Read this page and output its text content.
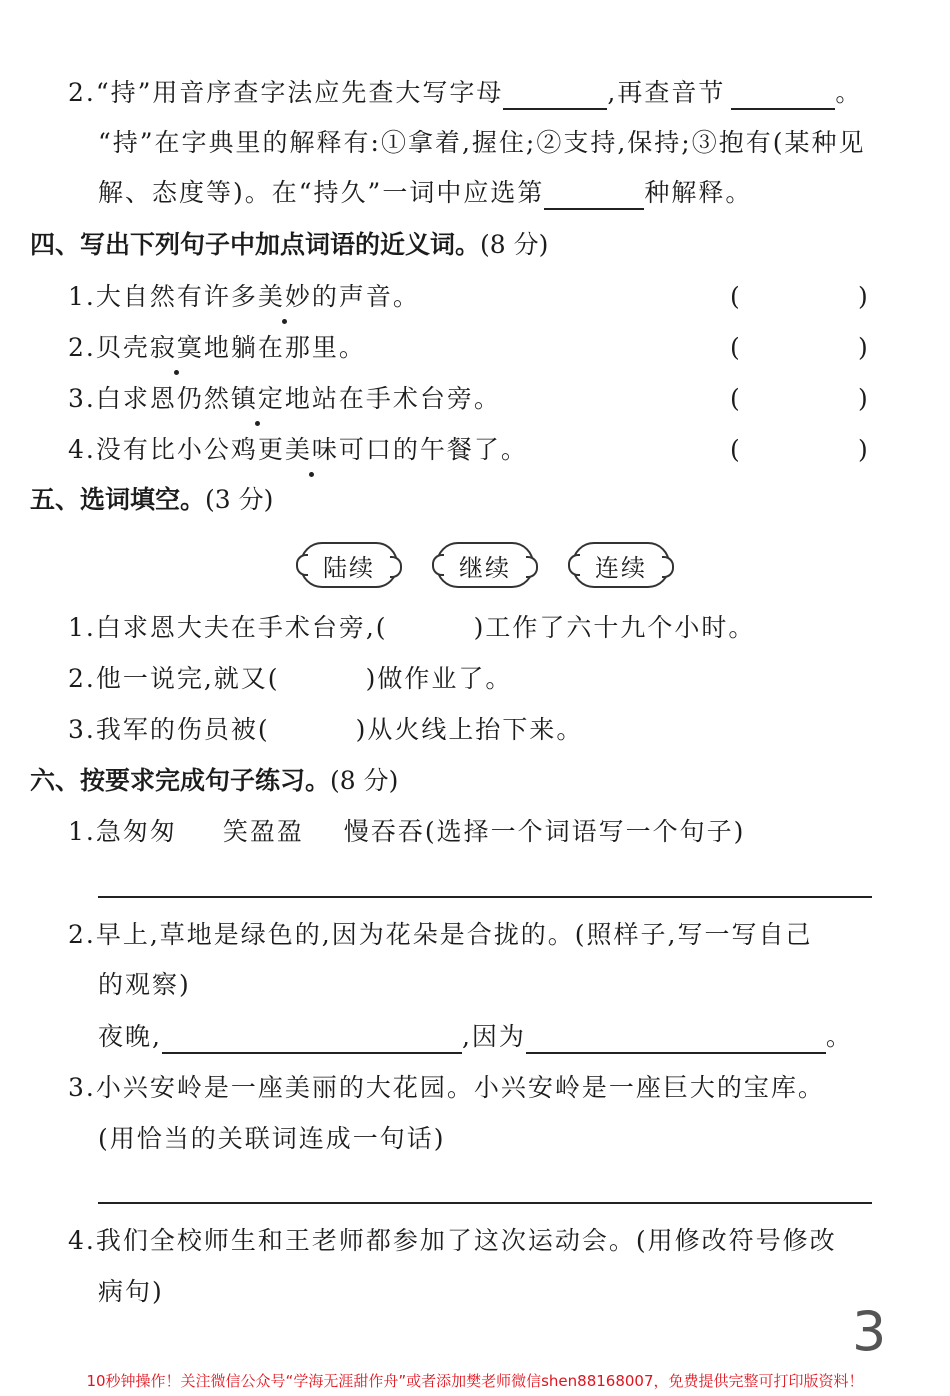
2.“持”用音序查字法应先查大写字母	,再查音节	。
“持”在字典里的解释有:①拿着,握住;②支持,保持;③抱有(某种见
解、态度等)。在“持久”一词中应选第	种解释。
四、写出下列句子中加点词语的近义词。(8 分)
1.大自然有许多美妙的声音。	(	)
2.贝壳寂寞地躺在那里。	(	)
3.白求恩仍然镇定地站在手术台旁。	(	)
4.没有比小公鸡更美味可口的午餐了。	(	)
五、选词填空。(3 分)
陆续	继续	连续
1.白求恩大夫在手术台旁,(	)工作了六十九个小时。
2.他一说完,就又(	)做作业了。
3.我军的伤员被(	)从火线上抬下来。
六、按要求完成句子练习。(8 分)
1.急匆匆 笑盈盈 慢吞吞(选择一个词语写一个句子)
2.早上,草地是绿色的,因为花朵是合拢的。(照样子,写一写自己
的观察)
夜晚,	,因为	。
3.小兴安岭是一座美丽的大花园。小兴安岭是一座巨大的宝库。
(用恰当的关联词连成一句话)
4.我们全校师生和王老师都参加了这次运动会。(用修改符号修改
病句)
3
10秒钟操作！关注微信公众号“学海无涯甜作舟”或者添加樊老师微信shen88168007，免费提供完整可打印版资料！
